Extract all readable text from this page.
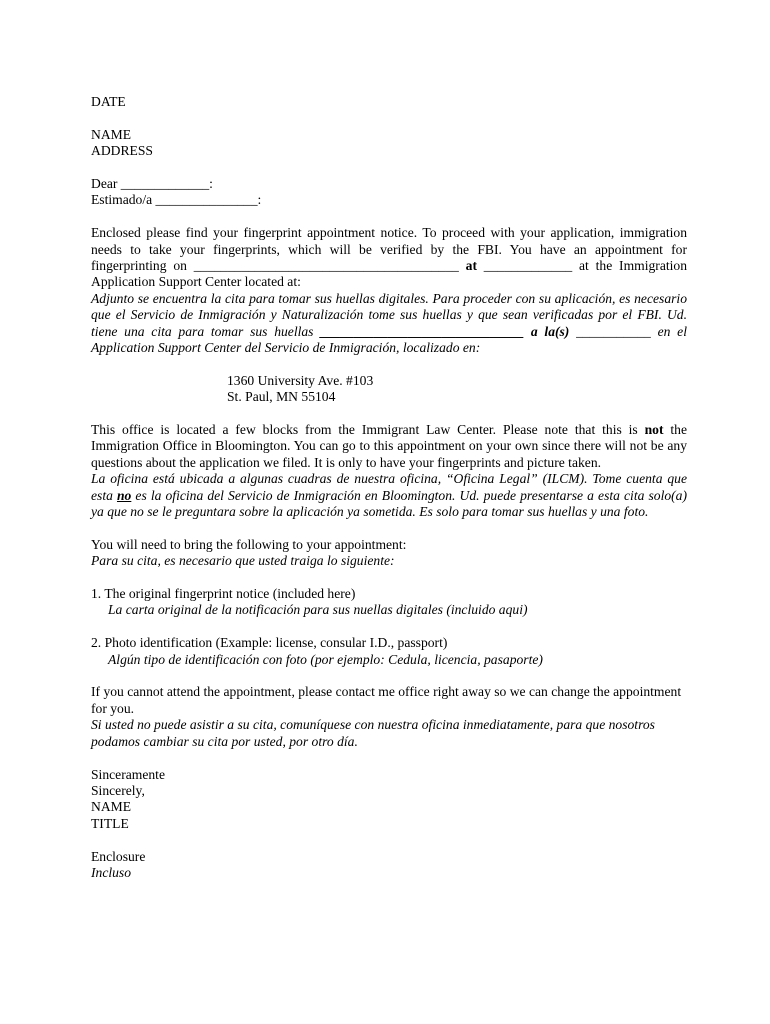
DATE

NAME

ADDRESS

Dear _____________:

Estimado/a _______________:

Enclosed please find your fingerprint appointment notice. To proceed with your application, immigration needs to take your fingerprints, which will be verified by the FBI. You have an appointment for fingerprinting on _______________________________________ at _____________ at the Immigration Application Support Center located at:

Adjunto se encuentra la cita para tomar sus huellas digitales. Para proceder con su aplicación, es necesario que el Servicio de Inmigración y Naturalización tome sus huellas y que sean verificadas por el FBI. Ud. tiene una cita para tomar sus huellas ______________________________ a la(s) ___________ en el Application Support Center del Servicio de Inmigración, localizado en:

1360 University Ave. #103

St. Paul, MN 55104

This office is located a few blocks from the Immigrant Law Center. Please note that this is not the Immigration Office in Bloomington. You can go to this appointment on your own since there will not be any questions about the application we filed. It is only to have your fingerprints and picture taken.

La oficina está ubicada a algunas cuadras de nuestra oficina, “Oficina Legal” (ILCM). Tome cuenta que esta no es la oficina del Servicio de Inmigración en Bloomington. Ud. puede presentarse a esta cita solo(a) ya que no se le preguntara sobre la aplicación ya sometida. Es solo para tomar sus huellas y una foto.

You will need to bring the following to your appointment:

Para su cita, es necesario que usted traiga lo siguiente:

1. The original fingerprint notice (included here)

La carta original de la notificación para sus nuellas digitales (incluido aqui)

2. Photo identification (Example: license, consular I.D., passport)

Algún tipo de identificación con foto (por ejemplo: Cedula, licencia, pasaporte)

If you cannot attend the appointment, please contact me office right away so we can change the appointment for you.

Si usted no puede asistir a su cita, comuníquese con nuestra oficina inmediatamente, para que nosotros podamos cambiar su cita por usted, por otro día.

Sinceramente

Sincerely,

NAME

TITLE

Enclosure

Incluso
